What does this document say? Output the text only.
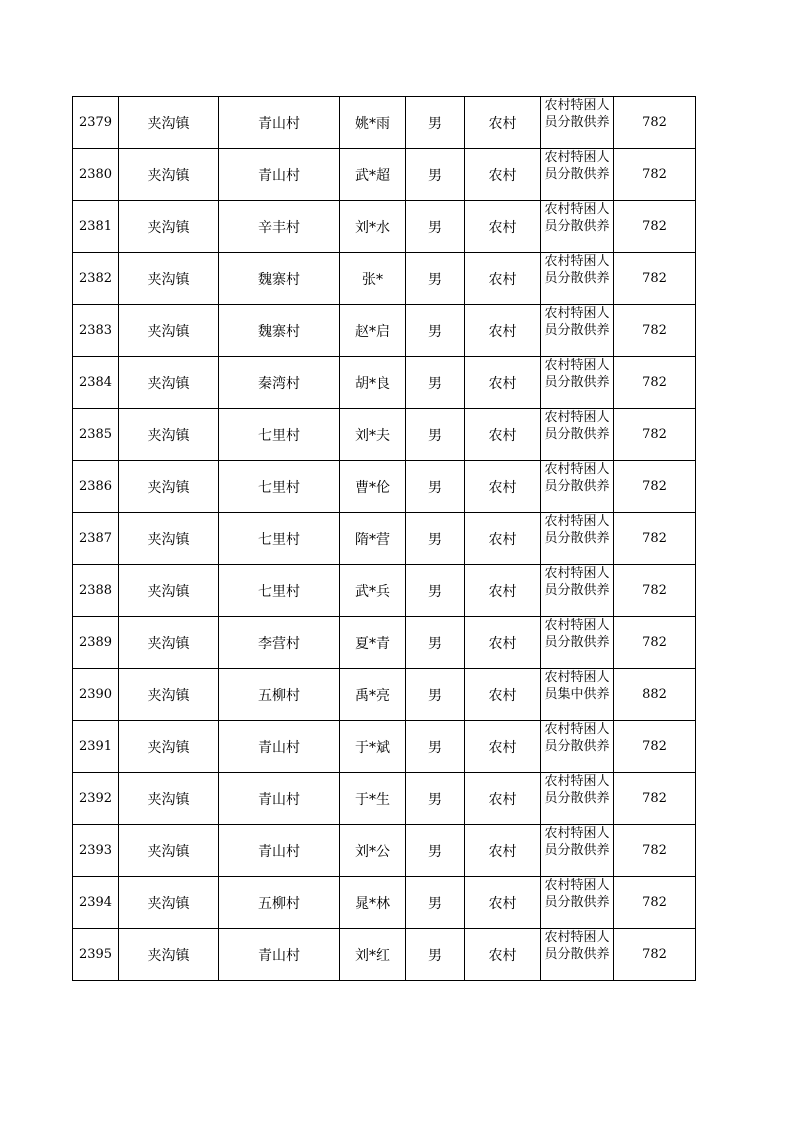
2379	夹沟镇	青山村	姚*雨	男	农村	农村特困人员分散供养	782
2380	夹沟镇	青山村	武*超	男	农村	农村特困人员分散供养	782
2381	夹沟镇	辛丰村	刘*水	男	农村	农村特困人员分散供养	782
2382	夹沟镇	魏寨村	张*	男	农村	农村特困人员分散供养	782
2383	夹沟镇	魏寨村	赵*启	男	农村	农村特困人员分散供养	782
2384	夹沟镇	秦湾村	胡*良	男	农村	农村特困人员分散供养	782
2385	夹沟镇	七里村	刘*夫	男	农村	农村特困人员分散供养	782
2386	夹沟镇	七里村	曹*伦	男	农村	农村特困人员分散供养	782
2387	夹沟镇	七里村	隋*营	男	农村	农村特困人员分散供养	782
2388	夹沟镇	七里村	武*兵	男	农村	农村特困人员分散供养	782
2389	夹沟镇	李营村	夏*青	男	农村	农村特困人员分散供养	782
2390	夹沟镇	五柳村	禹*亮	男	农村	农村特困人员集中供养	882
2391	夹沟镇	青山村	于*斌	男	农村	农村特困人员分散供养	782
2392	夹沟镇	青山村	于*生	男	农村	农村特困人员分散供养	782
2393	夹沟镇	青山村	刘*公	男	农村	农村特困人员分散供养	782
2394	夹沟镇	五柳村	晁*林	男	农村	农村特困人员分散供养	782
2395	夹沟镇	青山村	刘*红	男	农村	农村特困人员分散供养	782
